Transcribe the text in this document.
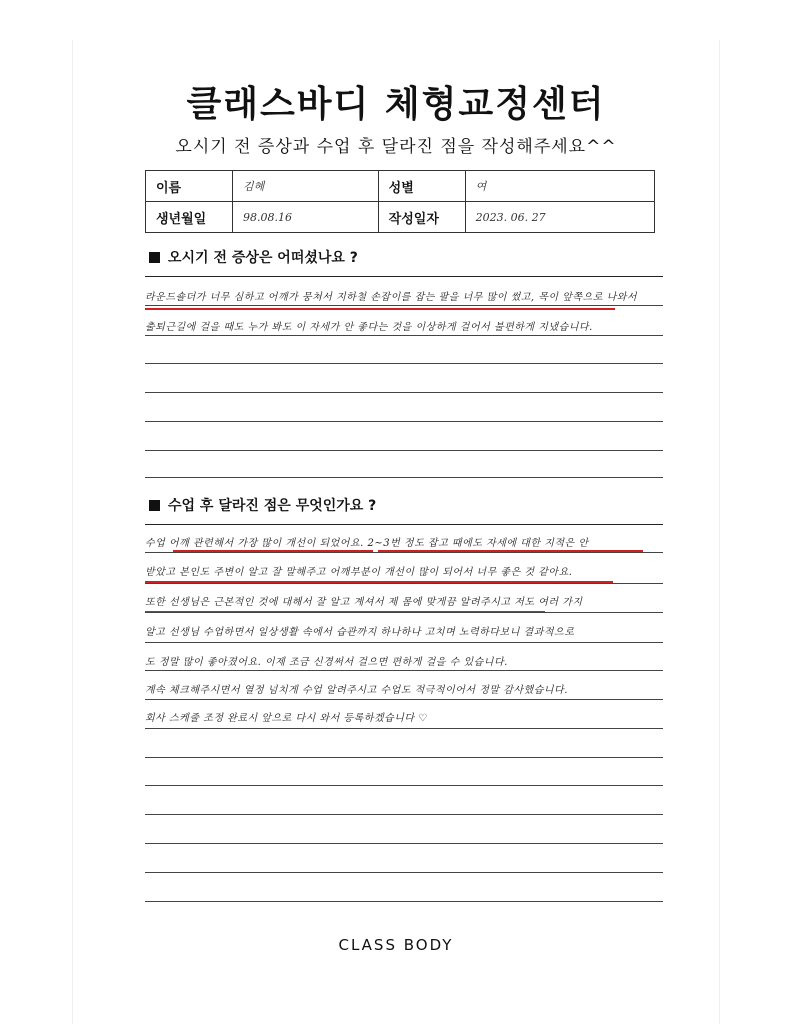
클래스바디 체형교정센터
오시기 전 증상과 수업 후 달라진 점을 작성해주세요^^
이름	김혜	성별	여
생년월일	98.08.16	작성일자	2023. 06. 27
오시기 전 증상은 어떠셨나요 ?
라운드숄더가 너무 심하고 어깨가 뭉쳐서 지하철 손잡이를 잡는 팔을 너무 많이 썼고, 목이 앞쪽으로 나와서
출퇴근길에 걸을 때도 누가 봐도 이 자세가 안 좋다는 것을 이상하게 걸어서 불편하게 지냈습니다.
수업 후 달라진 점은 무엇인가요 ?
수업 어깨 관련해서 가장 많이 개선이 되었어요. 2~3번 정도 잡고 때에도 자세에 대한 지적은 안
받았고 본인도 주변이 알고 잘 말해주고 어깨부분이 개선이 많이 되어서 너무 좋은 것 같아요.
또한 선생님은 근본적인 것에 대해서 잘 알고 계셔서 제 몸에 맞게끔 알려주시고 저도 여러 가지
알고 선생님 수업하면서 일상생활 속에서 습관까지 하나하나 고치며 노력하다보니 결과적으로
도 정말 많이 좋아졌어요. 이제 조금 신경써서 걸으면 편하게 걸을 수 있습니다.
계속 체크해주시면서 열정 넘치게 수업 알려주시고 수업도 적극적이어서 정말 감사했습니다.
회사 스케줄 조정 완료시 앞으로 다시 와서 등록하겠습니다 ♡
CLASS BODY
